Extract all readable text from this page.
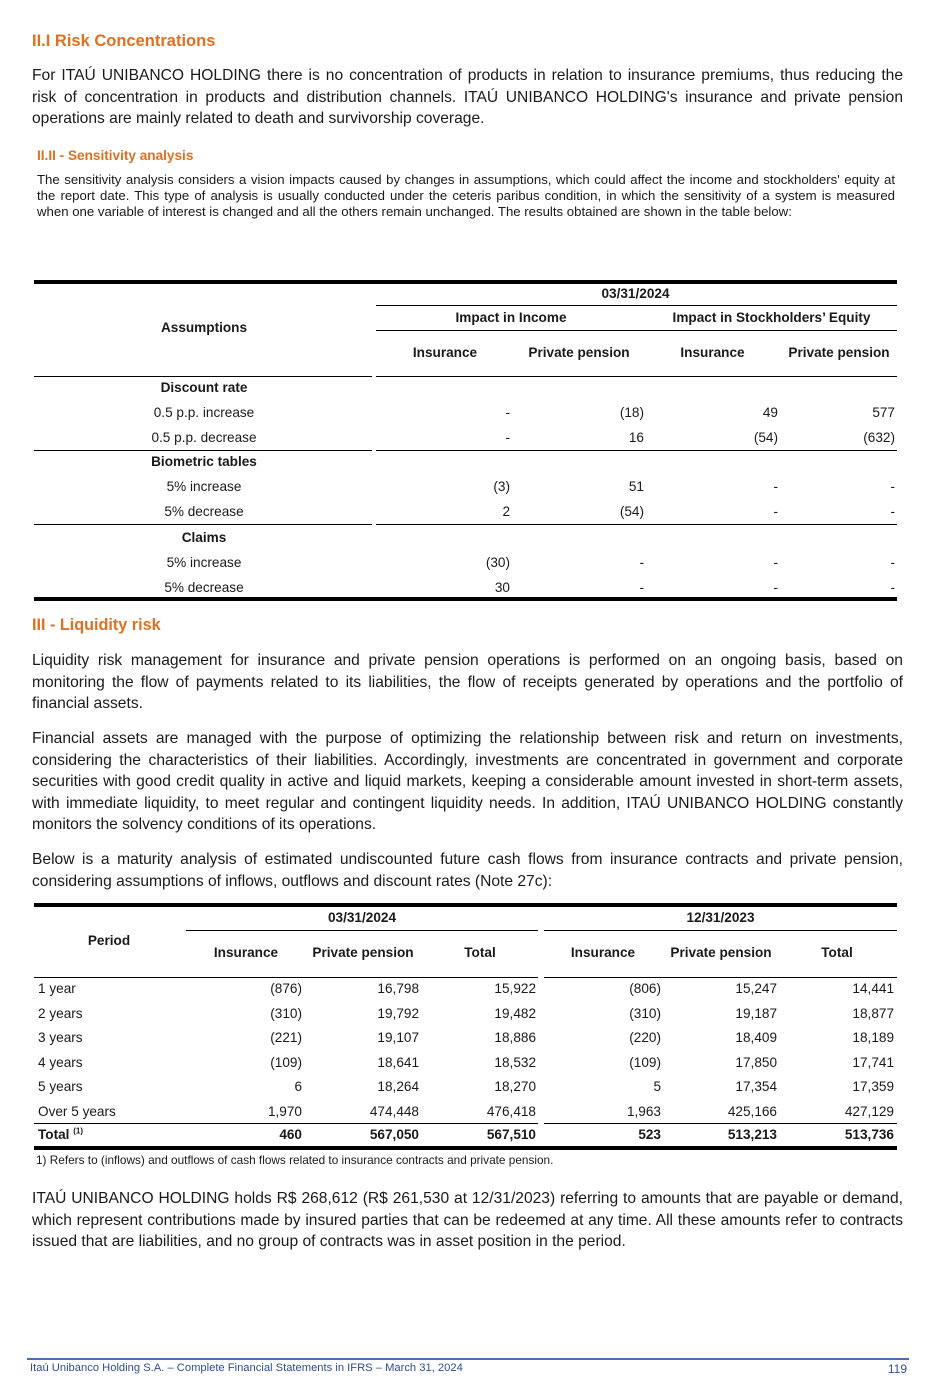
II.I Risk Concentrations

For ITAÚ UNIBANCO HOLDING there is no concentration of products in relation to insurance premiums, thus reducing the risk of concentration in products and distribution channels. ITAÚ UNIBANCO HOLDING's insurance and private pension operations are mainly related to death and survivorship coverage.

II.II - Sensitivity analysis

The sensitivity analysis considers a vision impacts caused by changes in assumptions, which could affect the income and stockholders' equity at the report date. This type of analysis is usually conducted under the ceteris paribus condition, in which the sensitivity of a system is measured when one variable of interest is changed and all the others remain unchanged. The results obtained are shown in the table below:

03/31/2024
Assumptions
Impact in Income	Impact in Stockholders’ Equity
Insurance	Private pension	Insurance	Private pension
Discount rate
0.5 p.p. increase	-	(18)	49	577
0.5 p.p. decrease	-	16	(54)	(632)
Biometric tables
5% increase	(3)	51	-	-
5% decrease	2	(54)	-	-
Claims
5% increase	(30)	-	-	-
5% decrease	30	-	-	-
III - Liquidity risk

Liquidity risk management for insurance and private pension operations is performed on an ongoing basis, based on monitoring the flow of payments related to its liabilities, the flow of receipts generated by operations and the portfolio of financial assets.

Financial assets are managed with the purpose of optimizing the relationship between risk and return on investments, considering the characteristics of their liabilities. Accordingly, investments are concentrated in government and corporate securities with good credit quality in active and liquid markets, keeping a considerable amount invested in short-term assets, with immediate liquidity, to meet regular and contingent liquidity needs. In addition, ITAÚ UNIBANCO HOLDING constantly monitors the solvency conditions of its operations.

Below is a maturity analysis of estimated undiscounted future cash flows from insurance contracts and private pension, considering assumptions of inflows, outflows and discount rates (Note 27c):

03/31/2024	12/31/2023
Period
Insurance	Private pension	Total	Insurance	Private pension	Total
1 year	(876)	16,798	15,922	(806)	15,247	14,441
2 years	(310)	19,792	19,482	(310)	19,187	18,877
3 years	(221)	19,107	18,886	(220)	18,409	18,189
4 years	(109)	18,641	18,532	(109)	17,850	17,741
5 years	6	18,264	18,270	5	17,354	17,359
Over 5 years	1,970	474,448	476,418	1,963	425,166	427,129
Total $^{(1)}$	460	567,050	567,510	523	513,213	513,736
1) Refers to (inflows) and outflows of cash flows related to insurance contracts and private pension.

ITAÚ UNIBANCO HOLDING holds R$ 268,612 (R$ 261,530 at 12/31/2023) referring to amounts that are payable or demand, which represent contributions made by insured parties that can be redeemed at any time. All these amounts refer to contracts issued that are liabilities, and no group of contracts was in asset position in the period.

Itaú Unibanco Holding S.A. – Complete Financial Statements in IFRS – March 31, 2024	119
